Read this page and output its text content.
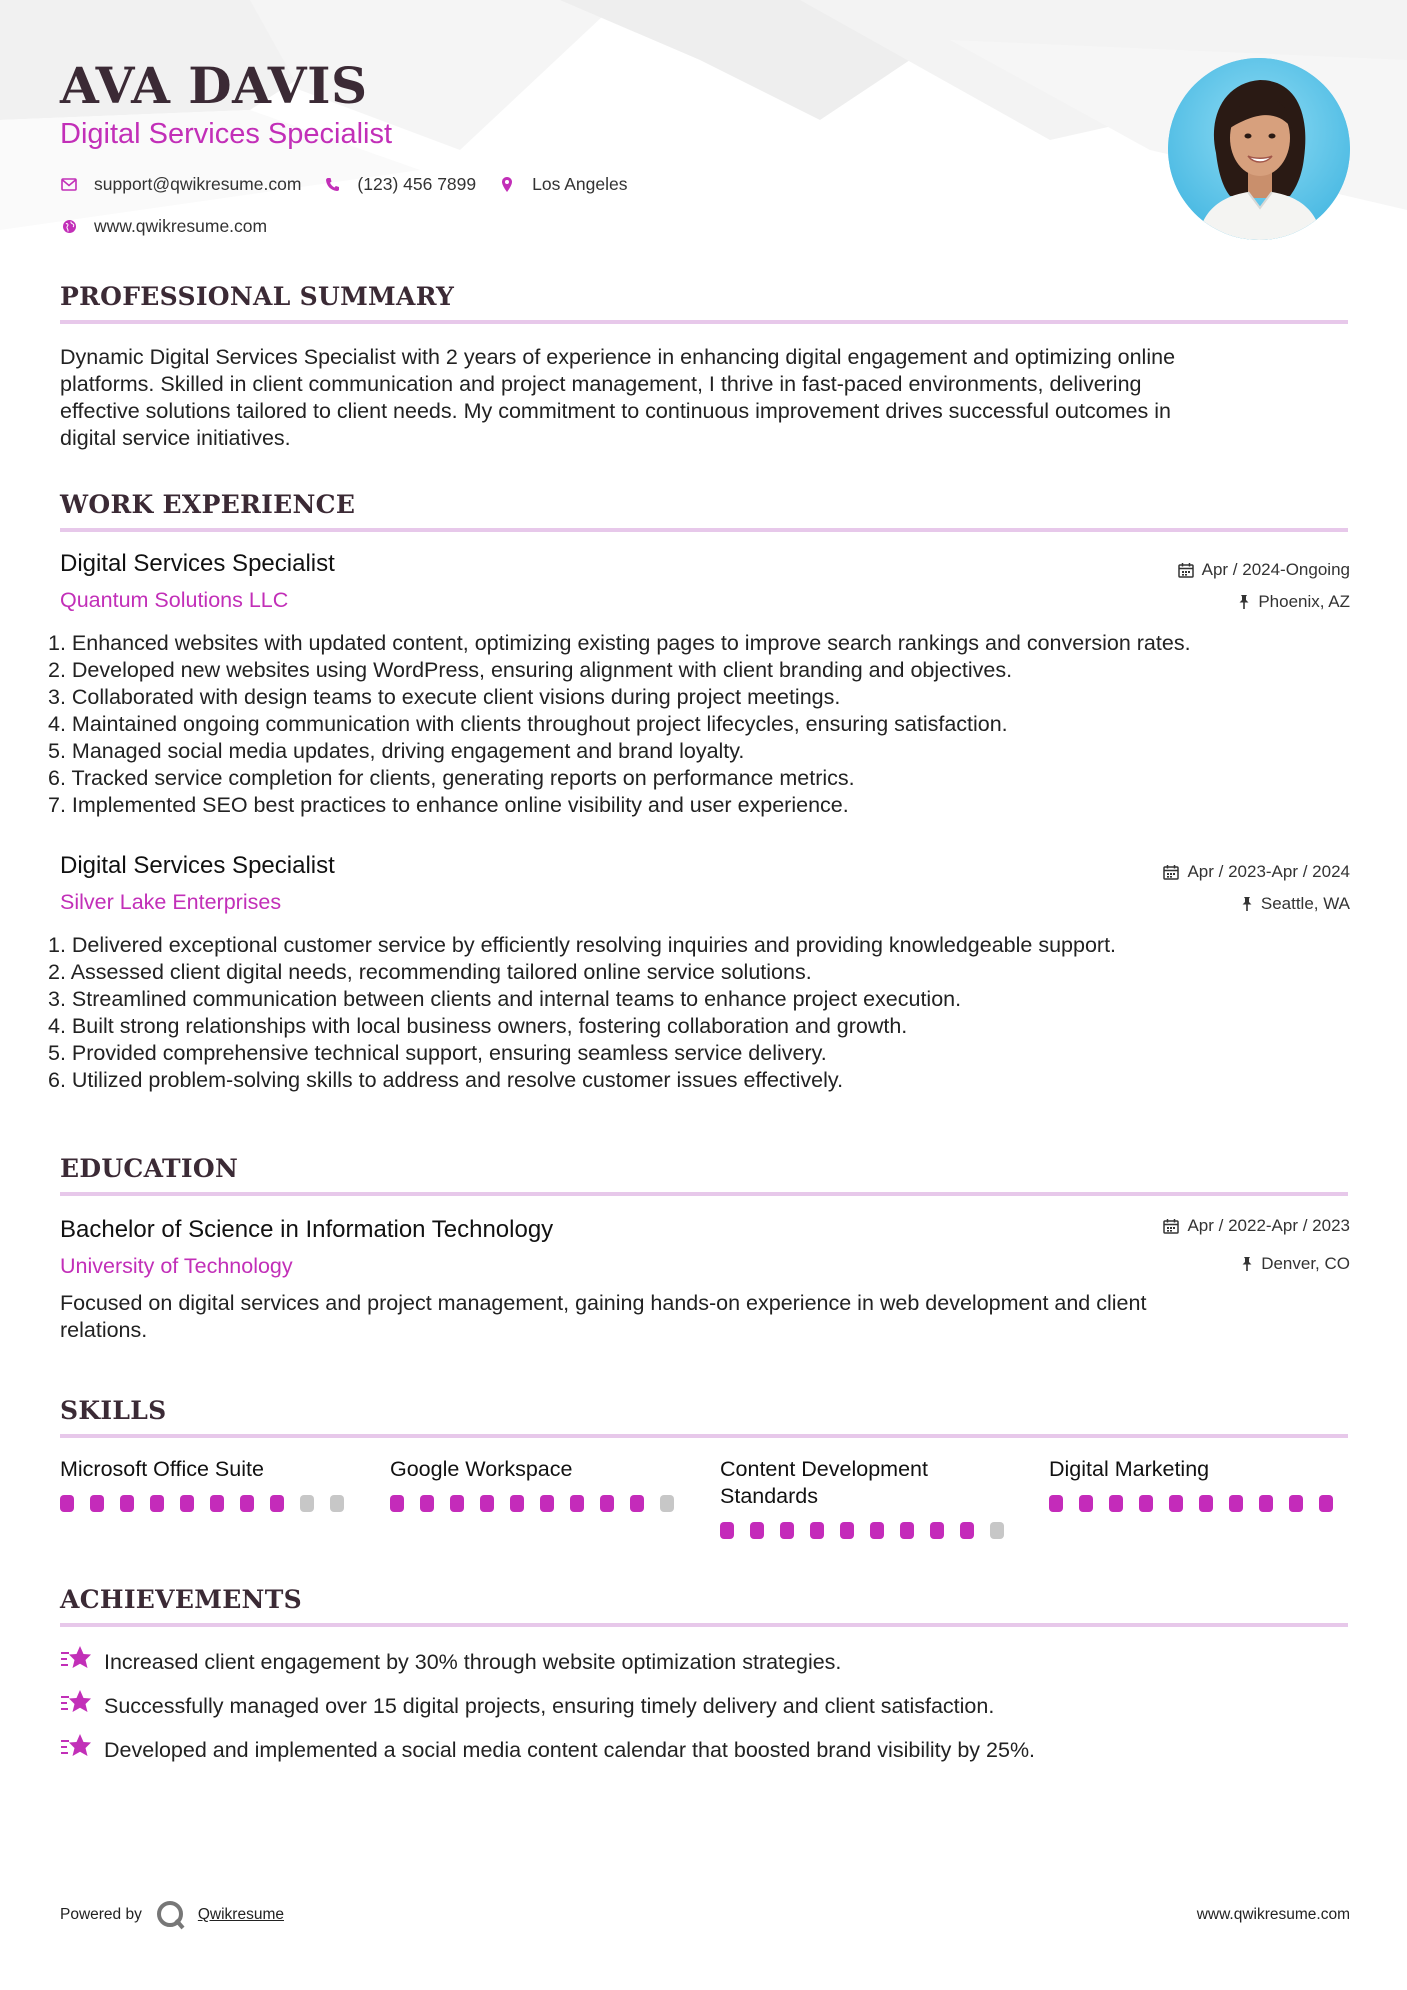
AVA DAVIS
Digital Services Specialist
support@qwikresume.com	(123) 456 7899	Los Angeles
www.qwikresume.com
PROFESSIONAL SUMMARY
Dynamic Digital Services Specialist with 2 years of experience in enhancing digital engagement and optimizing online
platforms. Skilled in client communication and project management, I thrive in fast-paced environments, delivering
effective solutions tailored to client needs. My commitment to continuous improvement drives successful outcomes in
digital service initiatives.
WORK EXPERIENCE
Digital Services Specialist	Apr / 2024-Ongoing
Quantum Solutions LLC	Phoenix, AZ
1. Enhanced websites with updated content, optimizing existing pages to improve search rankings and conversion rates.
2. Developed new websites using WordPress, ensuring alignment with client branding and objectives.
3. Collaborated with design teams to execute client visions during project meetings.
4. Maintained ongoing communication with clients throughout project lifecycles, ensuring satisfaction.
5. Managed social media updates, driving engagement and brand loyalty.
6. Tracked service completion for clients, generating reports on performance metrics.
7. Implemented SEO best practices to enhance online visibility and user experience.
Digital Services Specialist	Apr / 2023-Apr / 2024
Silver Lake Enterprises	Seattle, WA
1. Delivered exceptional customer service by efficiently resolving inquiries and providing knowledgeable support.
2. Assessed client digital needs, recommending tailored online service solutions.
3. Streamlined communication between clients and internal teams to enhance project execution.
4. Built strong relationships with local business owners, fostering collaboration and growth.
5. Provided comprehensive technical support, ensuring seamless service delivery.
6. Utilized problem-solving skills to address and resolve customer issues effectively.
EDUCATION
Bachelor of Science in Information Technology	Apr / 2022-Apr / 2023
University of Technology	Denver, CO
Focused on digital services and project management, gaining hands-on experience in web development and client
relations.
SKILLS
Microsoft Office Suite	Google Workspace	Content Development
Standards
Digital Marketing
ACHIEVEMENTS
Increased client engagement by 30% through website optimization strategies.
Successfully managed over 15 digital projects, ensuring timely delivery and client satisfaction.
Developed and implemented a social media content calendar that boosted brand visibility by 25%.
Powered by	Qwikresume	www.qwikresume.com
